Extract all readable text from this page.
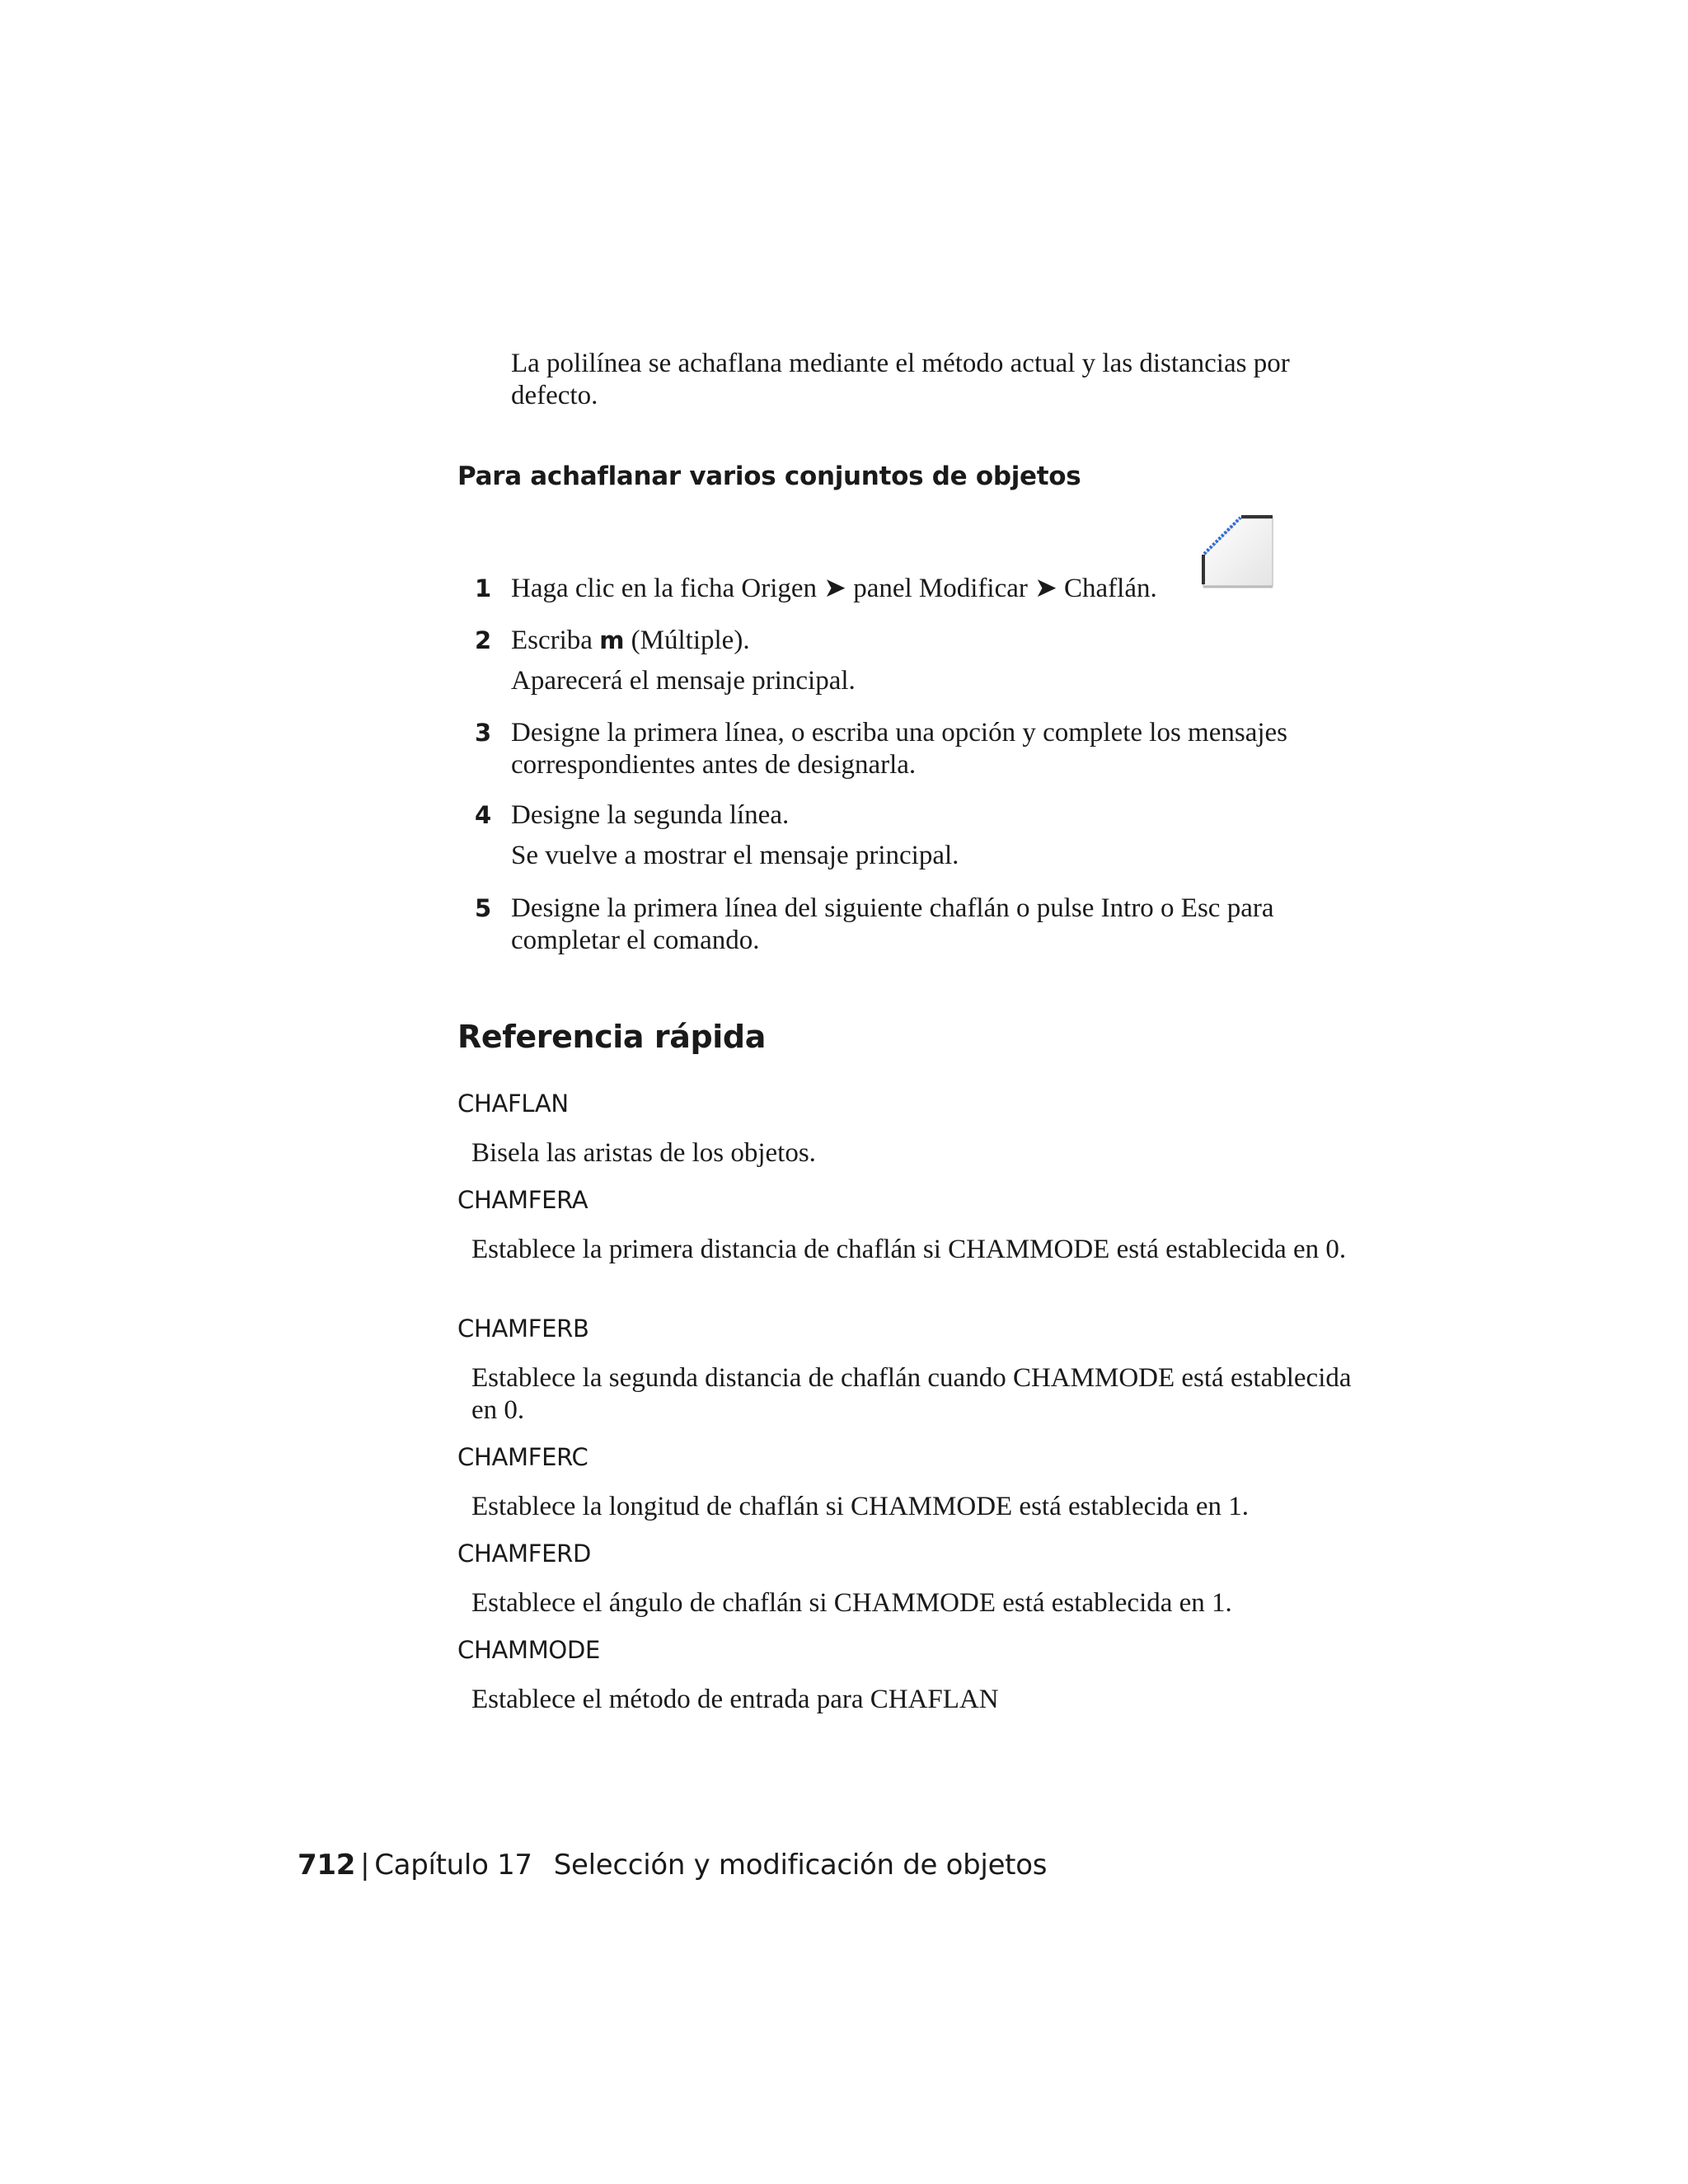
La polilínea se achaflana mediante el método actual y las distancias por defecto.

Para achaflanar varios conjuntos de objetos
1 Haga clic en la ficha Origen ➤ panel Modificar ➤ Chaflán.
2 Escriba m (Múltiple).
Aparecerá el mensaje principal.
3 Designe la primera línea, o escriba una opción y complete los mensajes correspondientes antes de designarla.
4 Designe la segunda línea.
Se vuelve a mostrar el mensaje principal.
5 Designe la primera línea del siguiente chaflán o pulse Intro o Esc para completar el comando.
Referencia rápida
CHAFLAN
Bisela las aristas de los objetos.
CHAMFERA
Establece la primera distancia de chaflán si CHAMMODE está establecida en 0.
CHAMFERB
Establece la segunda distancia de chaflán cuando CHAMMODE está establecida en 0.
CHAMFERC
Establece la longitud de chaflán si CHAMMODE está establecida en 1.
CHAMFERD
Establece el ángulo de chaflán si CHAMMODE está establecida en 1.
CHAMMODE
Establece el método de entrada para CHAFLAN
712 | Capítulo 17 Selección y modificación de objetos
